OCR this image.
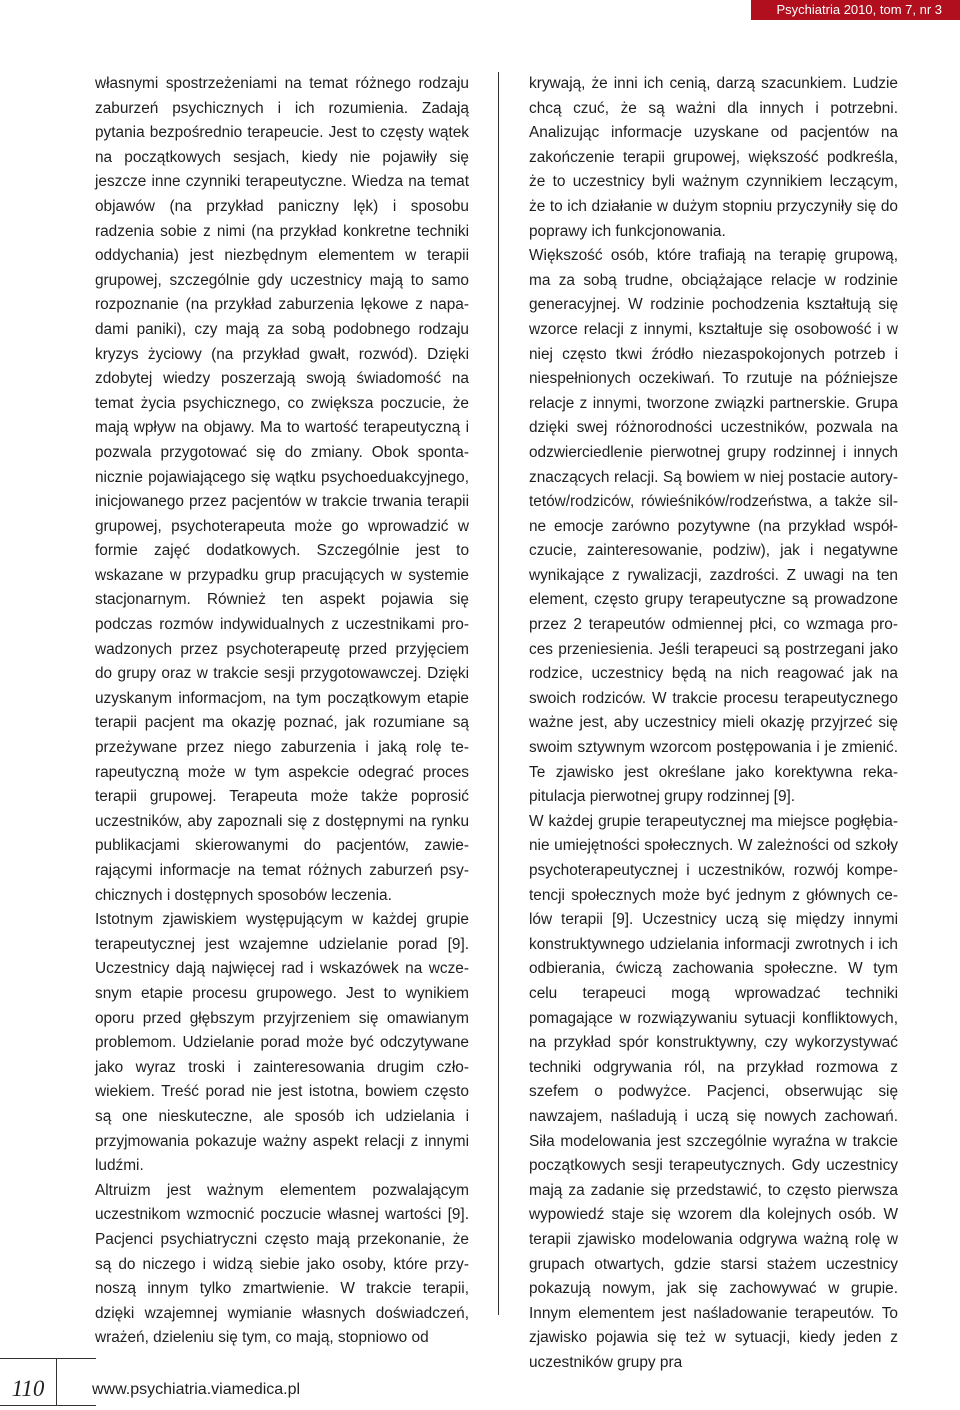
Psychiatria 2010, tom 7, nr 3

własnymi spostrzeżeniami na temat różnego rodzaju zaburzeń psychicznych i ich rozumienia. Zadają pytania bezpośrednio terapeucie. Jest to częsty wątek na początkowych sesjach, kiedy nie pojawiły się jeszcze inne czynniki terapeutyczne. Wiedza na temat objawów (na przykład paniczny lęk) i sposobu radzenia sobie z nimi (na przykład konkretne techniki oddychania) jest niezbędnym elementem w terapii grupowej, szczególnie gdy uczestnicy mają to samo rozpoznanie (na przykład zaburzenia lękowe z napadami paniki), czy mają za sobą podobnego rodzaju kryzys życiowy (na przykład gwałt, rozwód). Dzięki zdobytej wiedzy poszerzają swoją świadomość na temat życia psychicznego, co zwiększa poczucie, że mają wpływ na objawy. Ma to wartość terapeutyczną i pozwala przygotować się do zmiany. Obok spontanicznie pojawiającego się wątku psychoeduakcyjnego, inicjowanego przez pacjentów w trakcie trwania terapii grupowej, psychoterapeuta może go wprowadzić w formie zajęć dodatkowych. Szczególnie jest to wskazane w przypadku grup pracujących w systemie stacjonarnym. Również ten aspekt pojawia się podczas rozmów indywidualnych z uczestnikami prowadzonych przez psychoterapeutę przed przyjęciem do grupy oraz w trakcie sesji przygotowawczej. Dzięki uzyskanym informacjom, na tym początkowym etapie terapii pacjent ma okazję poznać, jak rozumiane są przeżywane przez niego zaburzenia i jaką rolę terapeutyczną może w tym aspekcie odegrać proces terapii grupowej. Terapeuta może także poprosić uczestników, aby zapoznali się z dostępnymi na rynku publikacjami skierowanymi do pacjentów, zawierającymi informacje na temat różnych zaburzeń psychicznych i dostępnych sposobów leczenia.

Istotnym zjawiskiem występującym w każdej grupie terapeutycznej jest wzajemne udzielanie porad [9]. Uczestnicy dają najwięcej rad i wskazówek na wczesnym etapie procesu grupowego. Jest to wynikiem oporu przed głębszym przyjrzeniem się omawianym problemom. Udzielanie porad może być odczytywane jako wyraz troski i zainteresowania drugim człowiekiem. Treść porad nie jest istotna, bowiem często są one nieskuteczne, ale sposób ich udzielania i przyjmowania pokazuje ważny aspekt relacji z innymi ludźmi.

Altruizm jest ważnym elementem pozwalającym uczestnikom wzmocnić poczucie własnej wartości [9]. Pacjenci psychiatryczni często mają przekonanie, że są do niczego i widzą siebie jako osoby, które przynoszą innym tylko zmartwienie. W trakcie terapii, dzięki wzajemnej wymianie własnych doświadczeń, wrażeń, dzieleniu się tym, co mają, stopniowo od

krywają, że inni ich cenią, darzą szacunkiem. Ludzie chcą czuć, że są ważni dla innych i potrzebni. Analizując informacje uzyskane od pacjentów na zakończenie terapii grupowej, większość podkreśla, że to uczestnicy byli ważnym czynnikiem leczącym, że to ich działanie w dużym stopniu przyczyniły się do poprawy ich funkcjonowania.

Większość osób, które trafiają na terapię grupową, ma za sobą trudne, obciążające relacje w rodzinie generacyjnej. W rodzinie pochodzenia kształtują się wzorce relacji z innymi, kształtuje się osobowość i w niej często tkwi źródło niezaspokojonych potrzeb i niespełnionych oczekiwań. To rzutuje na późniejsze relacje z innymi, tworzone związki partnerskie. Grupa dzięki swej różnorodności uczestników, pozwala na odzwierciedlenie pierwotnej grupy rodzinnej i innych znaczących relacji. Są bowiem w niej postacie autorytetów/rodziców, rówieśników/rodzeństwa, a także silne emocje zarówno pozytywne (na przykład współczucie, zainteresowanie, podziw), jak i negatywne wynikające z rywalizacji, zazdrości. Z uwagi na ten element, często grupy terapeutyczne są prowadzone przez 2 terapeutów odmiennej płci, co wzmaga proces przeniesienia. Jeśli terapeuci są postrzegani jako rodzice, uczestnicy będą na nich reagować jak na swoich rodziców. W trakcie procesu terapeutycznego ważne jest, aby uczestnicy mieli okazję przyjrzeć się swoim sztywnym wzorcom postępowania i je zmienić. Te zjawisko jest określane jako korektywna rekapitulacja pierwotnej grupy rodzinnej [9].

W każdej grupie terapeutycznej ma miejsce pogłębianie umiejętności społecznych. W zależności od szkoły psychoterapeutycznej i uczestników, rozwój kompetencji społecznych może być jednym z głównych celów terapii [9]. Uczestnicy uczą się między innymi konstruktywnego udzielania informacji zwrotnych i ich odbierania, ćwiczą zachowania społeczne. W tym celu terapeuci mogą wprowadzać techniki pomagające w rozwiązywaniu sytuacji konfliktowych, na przykład spór konstruktywny, czy wykorzystywać techniki odgrywania ról, na przykład rozmowa z szefem o podwyżce. Pacjenci, obserwując się nawzajem, naśladują i uczą się nowych zachowań. Siła modelowania jest szczególnie wyraźna w trakcie początkowych sesji terapeutycznych. Gdy uczestnicy mają za zadanie się przedstawić, to często pierwsza wypowiedź staje się wzorem dla kolejnych osób. W terapii zjawisko modelowania odgrywa ważną rolę w grupach otwartych, gdzie starsi stażem uczestnicy pokazują nowym, jak się zachowywać w grupie. Innym elementem jest naśladowanie terapeutów. To zjawisko pojawia się też w sytuacji, kiedy jeden z uczestników grupy pra

110	www.psychiatria.viamedica.pl
